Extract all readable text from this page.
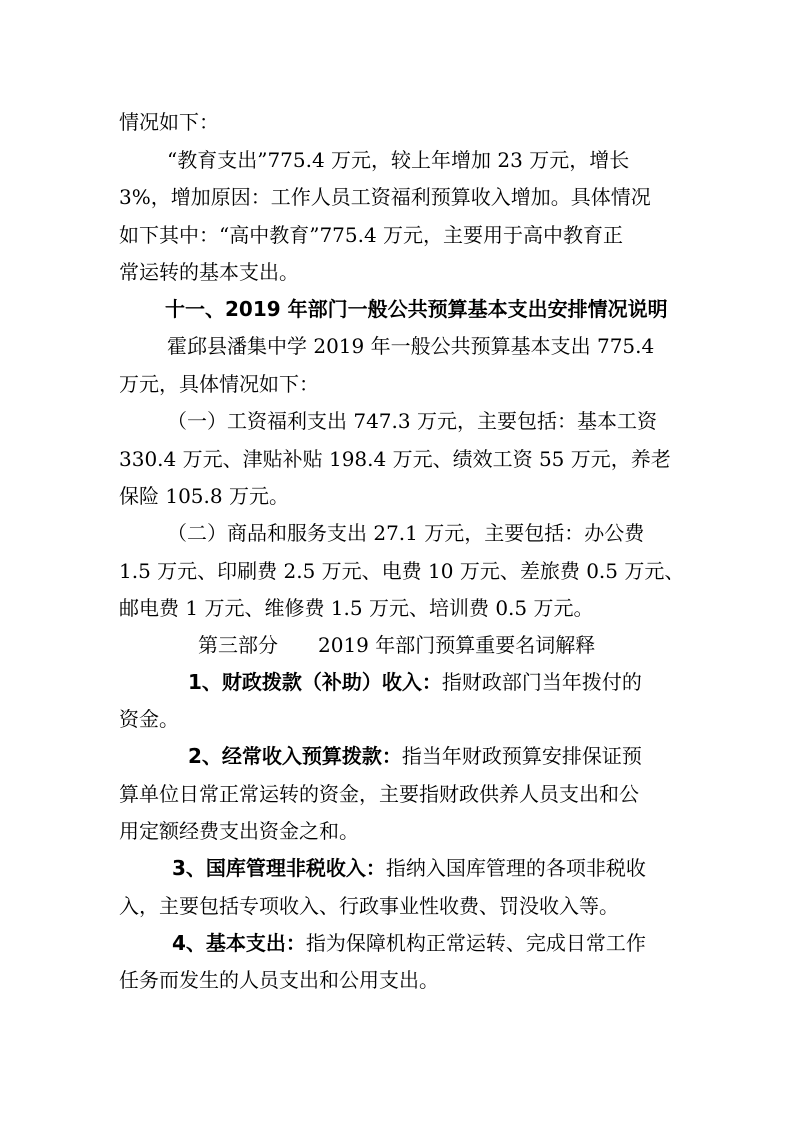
情况如下：
“教育支出”775.4 万元，较上年增加 23 万元，增长
3%，增加原因：工作人员工资福利预算收入增加。具体情况
如下其中：“高中教育”775.4 万元，主要用于高中教育正
常运转的基本支出。
十一、2019 年部门一般公共预算基本支出安排情况说明
霍邱县潘集中学 2019 年一般公共预算基本支出 775.4
万元，具体情况如下：
（一）工资福利支出 747.3 万元，主要包括：基本工资
330.4 万元、津贴补贴 198.4 万元、绩效工资 55 万元，养老
保险 105.8 万元。
（二）商品和服务支出 27.1 万元，主要包括：办公费
1.5 万元、印刷费 2.5 万元、电费 10 万元、差旅费 0.5 万元、
邮电费 1 万元、维修费 1.5 万元、培训费 0.5 万元。
第三部分　　2019 年部门预算重要名词解释
1、财政拨款（补助）收入：指财政部门当年拨付的
资金。
2、经常收入预算拨款：指当年财政预算安排保证预
算单位日常正常运转的资金，主要指财政供养人员支出和公
用定额经费支出资金之和。
3、国库管理非税收入：指纳入国库管理的各项非税收
入，主要包括专项收入、行政事业性收费、罚没收入等。
4、基本支出：指为保障机构正常运转、完成日常工作
任务而发生的人员支出和公用支出。
